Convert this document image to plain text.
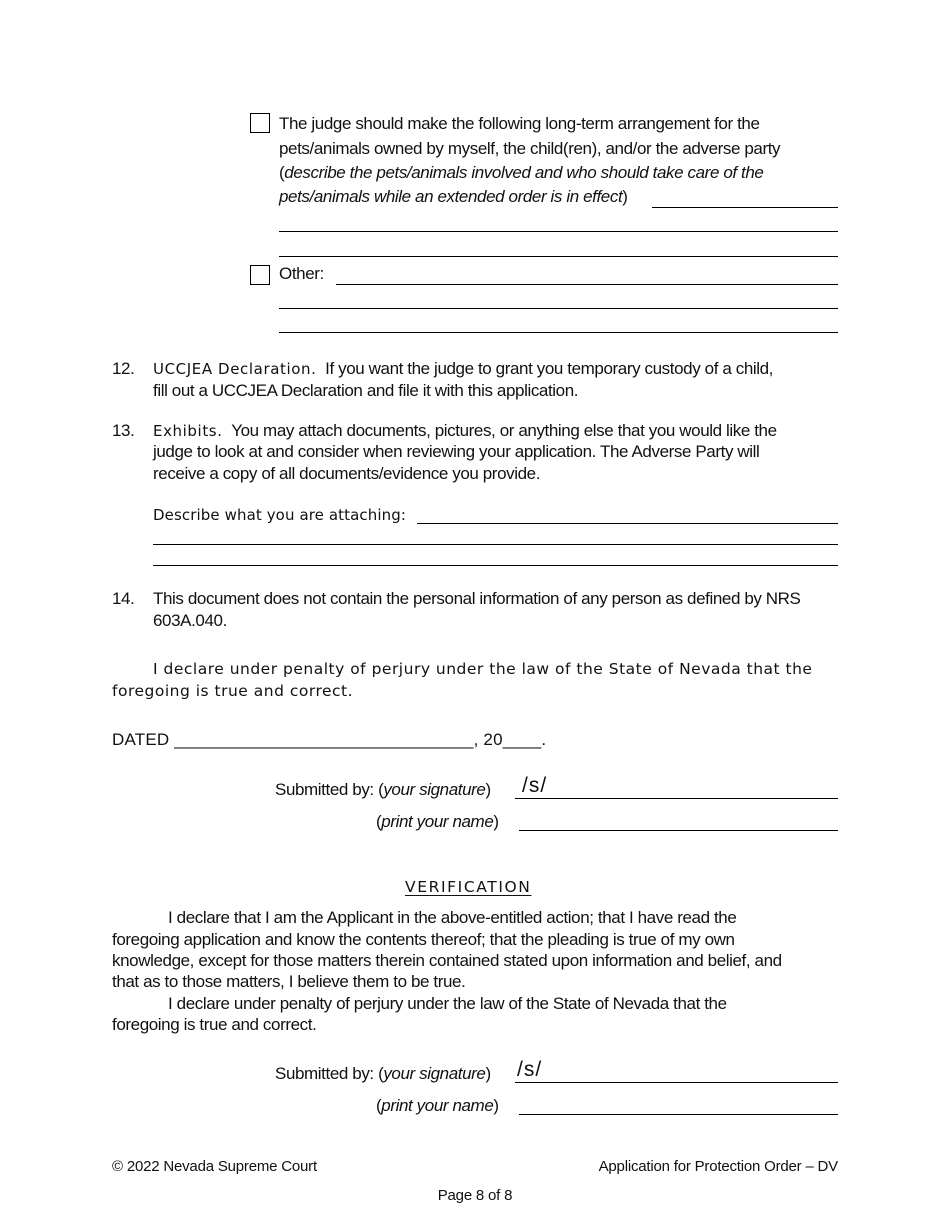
The judge should make the following long-term arrangement for the
pets/animals owned by myself, the child(ren), and/or the adverse party
(describe the pets/animals involved and who should take care of the
pets/animals while an extended order is in effect)
Other:
12. UCCJEA Declaration. If you want the judge to grant you temporary custody of a child,
fill out a UCCJEA Declaration and file it with this application.
13. Exhibits. You may attach documents, pictures, or anything else that you would like the
judge to look at and consider when reviewing your application. The Adverse Party will
receive a copy of all documents/evidence you provide.
Describe what you are attaching:
14. This document does not contain the personal information of any person as defined by NRS
603A.040.
I declare under penalty of perjury under the law of the State of Nevada that the
foregoing is true and correct.
DATED _______________________________, 20____.
Submitted by: (your signature) /s/
(print your name)
VERIFICATION
I declare that I am the Applicant in the above-entitled action; that I have read the
foregoing application and know the contents thereof; that the pleading is true of my own
knowledge, except for those matters therein contained stated upon information and belief, and
that as to those matters, I believe them to be true.
I declare under penalty of perjury under the law of the State of Nevada that the
foregoing is true and correct.
Submitted by: (your signature) /s/
(print your name)
© 2022 Nevada Supreme Court	Application for Protection Order – DV
Page 8 of 8
